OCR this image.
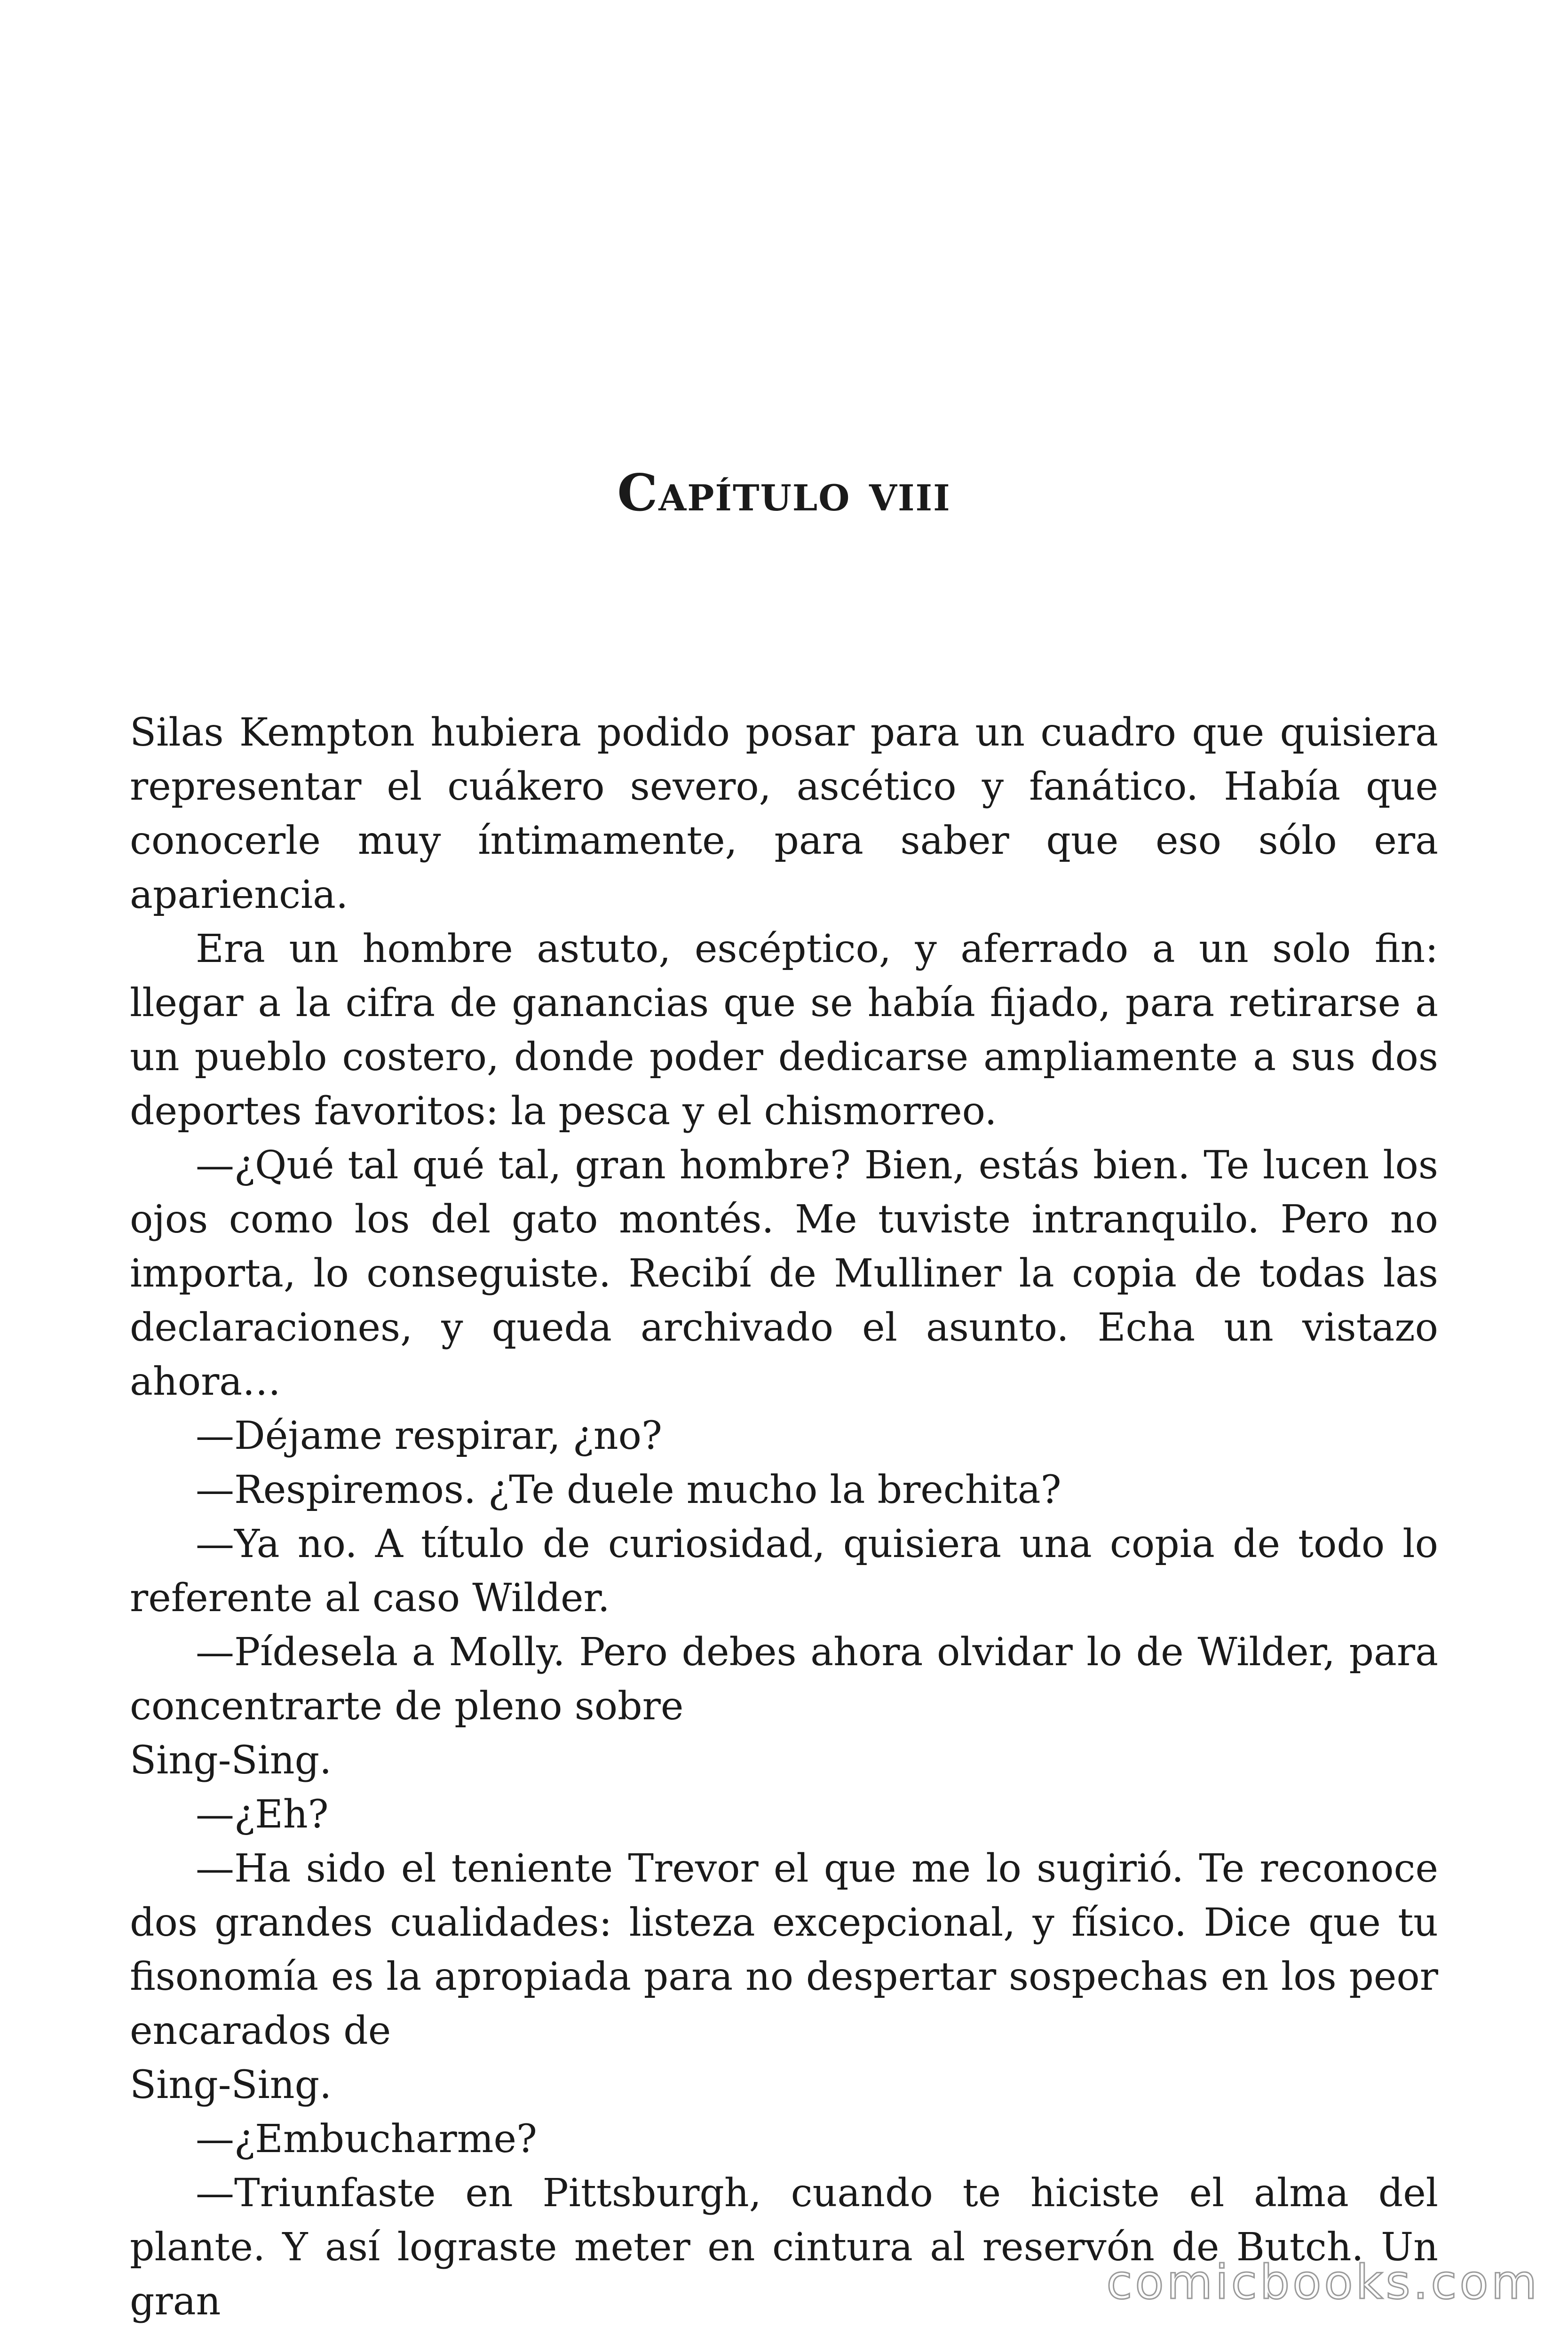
Capítulo viii

Silas Kempton hubiera podido posar para un cuadro que quisiera representar el cuákero severo, ascético y fanático. Había que conocerle muy íntimamente, para saber que eso sólo era apariencia.

Era un hombre astuto, escéptico, y aferrado a un solo fin: llegar a la cifra de ganancias que se había fijado, para retirarse a un pueblo costero, donde poder dedicarse ampliamente a sus dos deportes favoritos: la pesca y el chismorreo.

—¿Qué tal qué tal, gran hombre? Bien, estás bien. Te lucen los ojos como los del gato montés. Me tuviste intranquilo. Pero no importa, lo conseguiste. Recibí de Mulliner la copia de todas las declaraciones, y queda archivado el asunto. Echa un vistazo ahora…

—Déjame respirar, ¿no?

—Respiremos. ¿Te duele mucho la brechita?

—Ya no. A título de curiosidad, quisiera una copia de todo lo referente al caso Wilder.

—Pídesela a Molly. Pero debes ahora olvidar lo de Wilder, para concentrarte de pleno sobre

Sing-Sing.

—¿Eh?

—Ha sido el teniente Trevor el que me lo sugirió. Te reconoce dos grandes cualidades: listeza excepcional, y físico. Dice que tu fisonomía es la apropiada para no despertar sospechas en los peor encarados de

Sing-Sing.

—¿Embucharme?

—Triunfaste en Pittsburgh, cuando te hiciste el alma del plante. Y así lograste meter en cintura al reservón de Butch. Un gran	comicbooks.com
